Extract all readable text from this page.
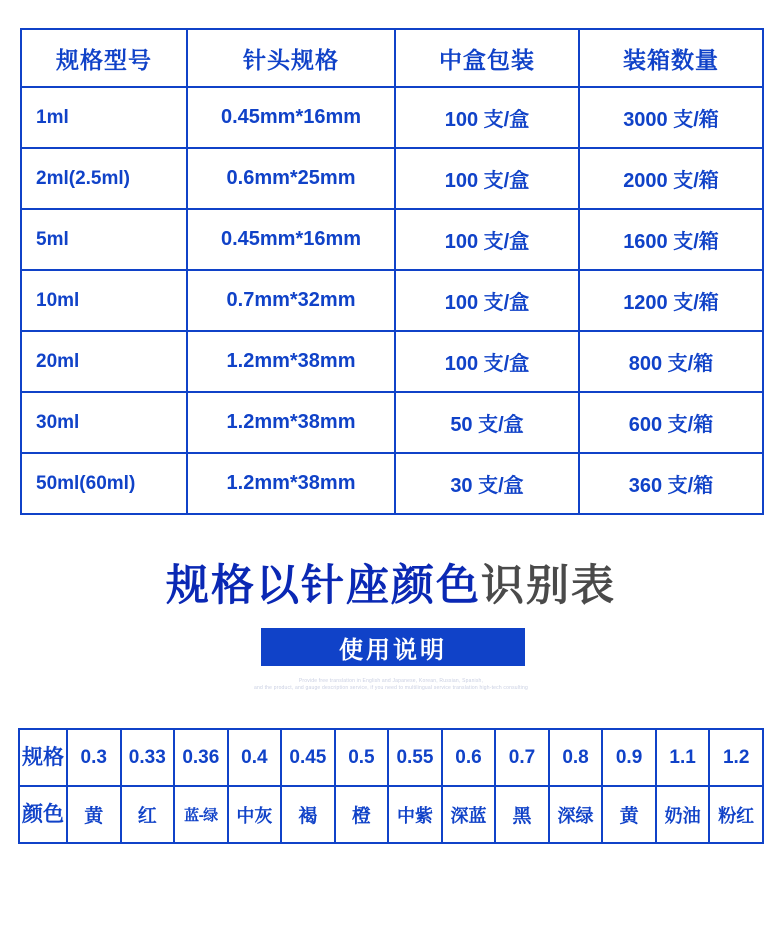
规格型号	针头规格	中盒包装	装箱数量
1ml	0.45mm*16mm	100 支/盒	3000 支/箱
2ml(2.5ml)	0.6mm*25mm	100 支/盒	2000 支/箱
5ml	0.45mm*16mm	100 支/盒	1600 支/箱
10ml	0.7mm*32mm	100 支/盒	1200 支/箱
20ml	1.2mm*38mm	100 支/盒	800 支/箱
30ml	1.2mm*38mm	50 支/盒	600 支/箱
50ml(60ml)	1.2mm*38mm	30 支/盒	360 支/箱
规格以针座颜色识别表
使用说明
Provide free translation in English and Japanese, Korean, Russian, Spanish,
and the product, and gauge description service, if you need to multilingual service translation high-tech consulting
规格	0.3	0.33	0.36	0.4	0.45	0.5	0.55	0.6	0.7	0.8	0.9	1.1	1.2
颜色	黄	红	蓝-绿	中灰	褐	橙	中紫	深蓝	黑	深绿	黄	奶油	粉红
